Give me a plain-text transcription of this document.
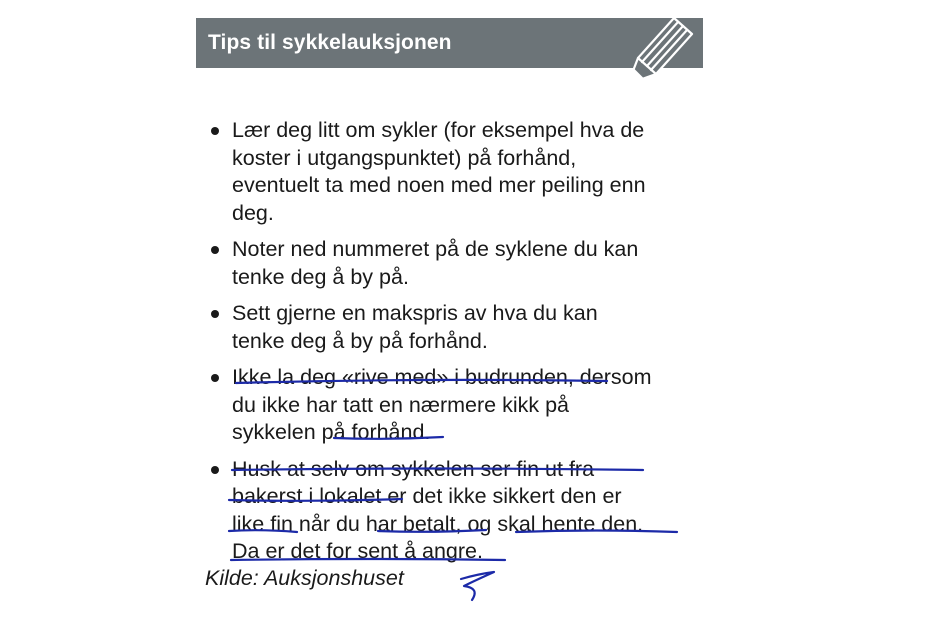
Tips til sykkelauksjonen
Lær deg litt om sykler (for eksempel hva de
koster i utgangspunktet) på forhånd,
eventuelt ta med noen med mer peiling enn
deg.
Noter ned nummeret på de syklene du kan
tenke deg å by på.
Sett gjerne en makspris av hva du kan
tenke deg å by på forhånd.
Ikke la deg «rive med» i budrunden, dersom
du ikke har tatt en nærmere kikk på
sykkelen på forhånd.
Husk at selv om sykkelen ser fin ut fra
bakerst i lokalet er det ikke sikkert den er
like fin når du har betalt, og skal hente den.
Da er det for sent å angre.
Kilde: Auksjonshuset
